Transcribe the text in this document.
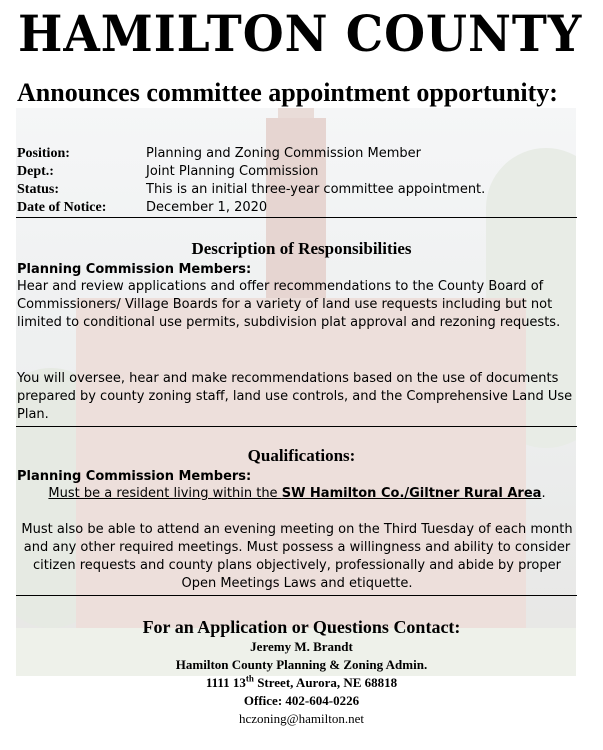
HAMILTON COUNTY
Announces committee appointment opportunity:
Position:	Planning and Zoning Commission Member
Dept.:	Joint Planning Commission
Status:	This is an initial three-year committee appointment.
Date of Notice:	December 1, 2020
Description of Responsibilities
Planning Commission Members:
Hear and review applications and offer recommendations to the County Board of Commissioners/ Village Boards for a variety of land use requests including but not limited to conditional use permits, subdivision plat approval and rezoning requests.
You will oversee, hear and make recommendations based on the use of documents prepared by county zoning staff, land use controls, and the Comprehensive Land Use Plan.
Qualifications:
Planning Commission Members:
Must be a resident living within the SW Hamilton Co./Giltner Rural Area.
Must also be able to attend an evening meeting on the Third Tuesday of each month and any other required meetings. Must possess a willingness and ability to consider citizen requests and county plans objectively, professionally and abide by proper Open Meetings Laws and etiquette.
For an Application or Questions Contact:
Jeremy M. Brandt
Hamilton County Planning & Zoning Admin.
1111 13th Street, Aurora, NE 68818
Office: 402-604-0226
hczoning@hamilton.net
